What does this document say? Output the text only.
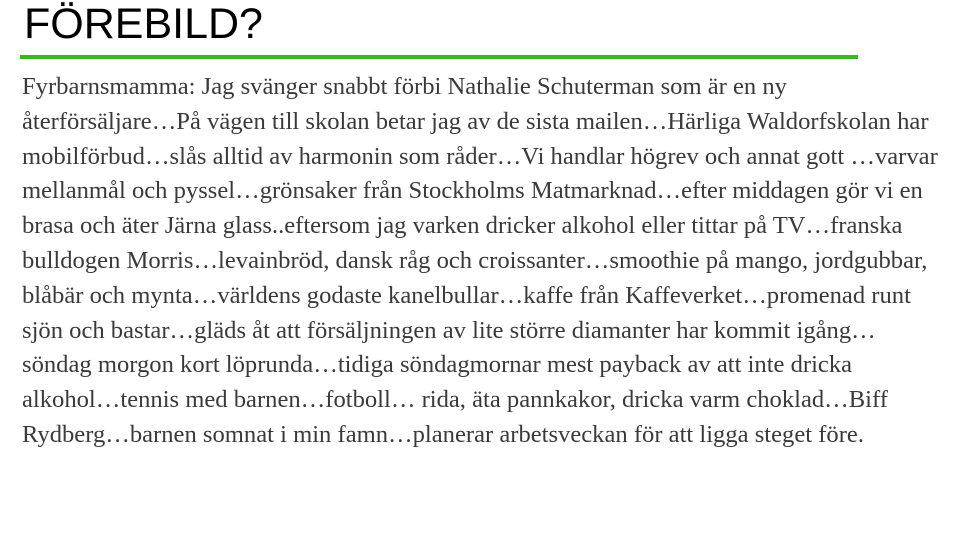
FÖREBILD?

Fyrbarnsmamma: Jag svänger snabbt förbi Nathalie Schuterman som är en ny återförsäljare…På vägen till skolan betar jag av de sista mailen…Härliga Waldorfskolan har mobilförbud…slås alltid av harmonin som råder…Vi handlar högrev och annat gott …varvar mellanmål och pyssel…grönsaker från Stockholms Matmarknad…efter middagen gör vi en brasa och äter Järna glass..eftersom jag varken dricker alkohol eller tittar på TV…franska bulldogen Morris…levainbröd, dansk råg och croissanter…smoothie på mango, jordgubbar, blåbär och mynta…världens godaste kanelbullar…kaffe från Kaffeverket…promenad runt sjön och bastar…gläds åt att försäljningen av lite större diamanter har kommit igång…söndag morgon kort löprunda…tidiga söndagmornar mest payback av att inte dricka alkohol…tennis med barnen…fotboll… rida, äta pannkakor, dricka varm choklad…Biff Rydberg…barnen somnat i min famn…planerar arbetsveckan för att ligga steget före.
